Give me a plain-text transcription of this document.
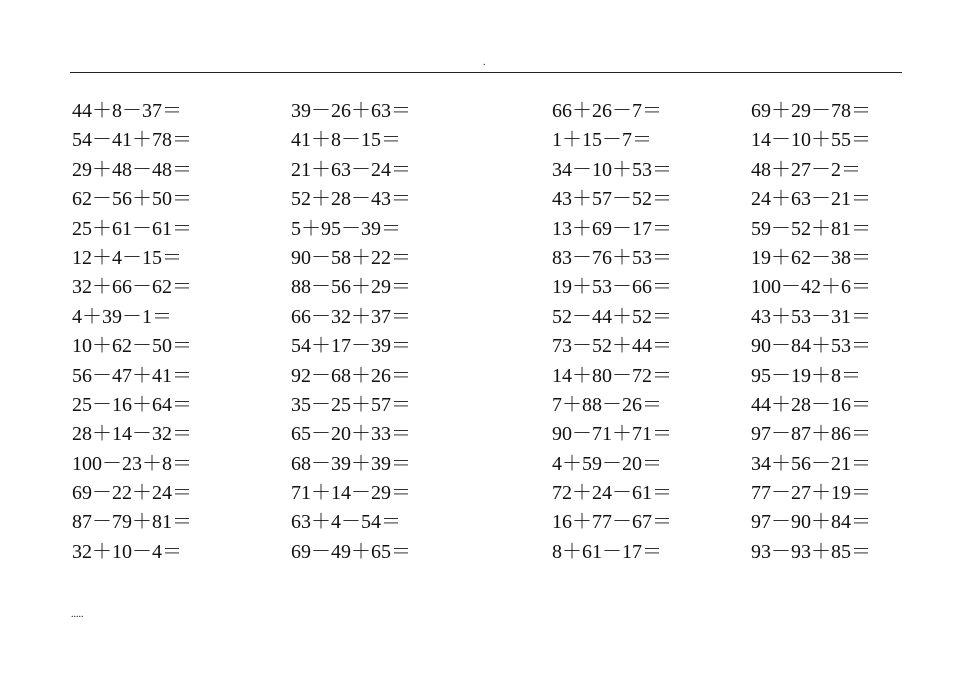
.
44＋8－37＝
54－41＋78＝
29＋48－48＝
62－56＋50＝
25＋61－61＝
12＋4－15＝
32＋66－62＝
4＋39－1＝
10＋62－50＝
56－47＋41＝
25－16＋64＝
28＋14－32＝
100－23＋8＝
69－22＋24＝
87－79＋81＝
32＋10－4＝
39－26＋63＝
41＋8－15＝
21＋63－24＝
52＋28－43＝
5＋95－39＝
90－58＋22＝
88－56＋29＝
66－32＋37＝
54＋17－39＝
92－68＋26＝
35－25＋57＝
65－20＋33＝
68－39＋39＝
71＋14－29＝
63＋4－54＝
69－49＋65＝
66＋26－7＝
1＋15－7＝
34－10＋53＝
43＋57－52＝
13＋69－17＝
83－76＋53＝
19＋53－66＝
52－44＋52＝
73－52＋44＝
14＋80－72＝
7＋88－26＝
90－71＋71＝
4＋59－20＝
72＋24－61＝
16＋77－67＝
8＋61－17＝
69＋29－78＝
14－10＋55＝
48＋27－2＝
24＋63－21＝
59－52＋81＝
19＋62－38＝
100－42＋6＝
43＋53－31＝
90－84＋53＝
95－19＋8＝
44＋28－16＝
97－87＋86＝
34＋56－21＝
77－27＋19＝
97－90＋84＝
93－93＋85＝
.....
